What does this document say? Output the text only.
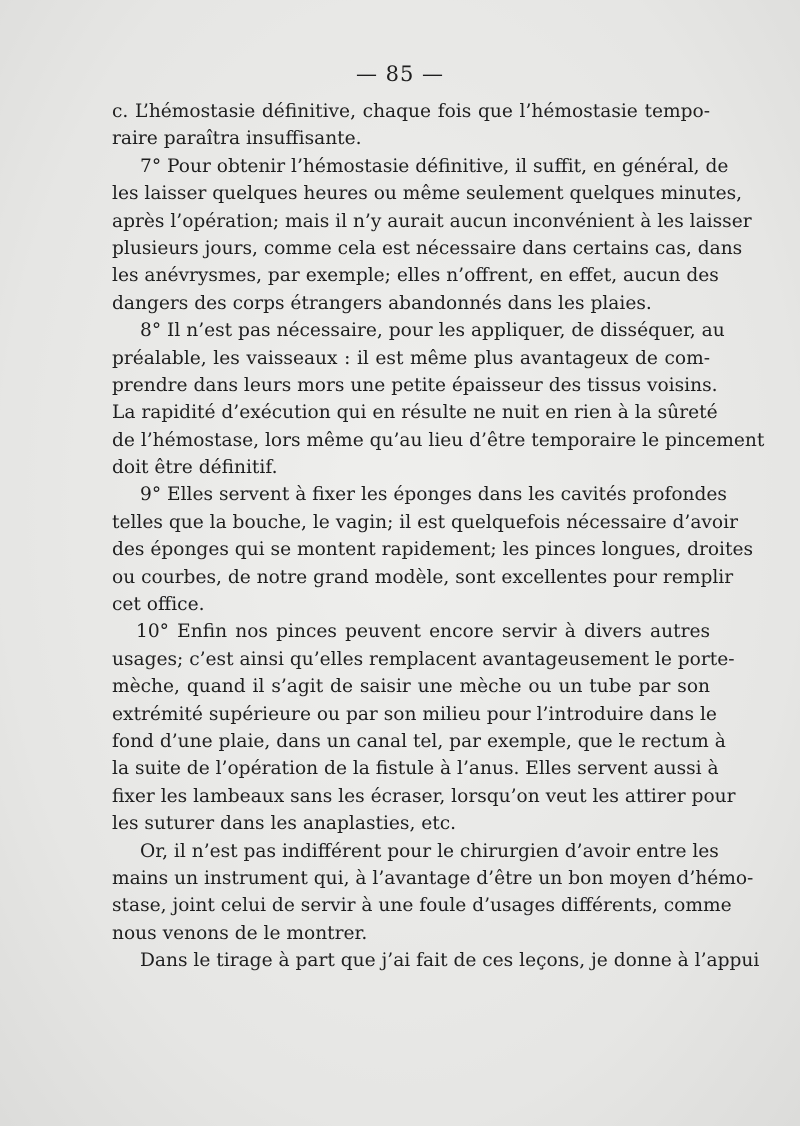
— 85 —
c. L’hémostasie définitive, chaque fois que l’hémostasie tempo-
raire paraîtra insuffisante.
7° Pour obtenir l’hémostasie définitive, il suffit, en général, de
les laisser quelques heures ou même seulement quelques minutes,
après l’opération; mais il n’y aurait aucun inconvénient à les laisser
plusieurs jours, comme cela est nécessaire dans certains cas, dans
les anévrysmes, par exemple; elles n’offrent, en effet, aucun des
dangers des corps étrangers abandonnés dans les plaies.
8° Il n’est pas nécessaire, pour les appliquer, de disséquer, au
préalable, les vaisseaux : il est même plus avantageux de com-
prendre dans leurs mors une petite épaisseur des tissus voisins.
La rapidité d’exécution qui en résulte ne nuit en rien à la sûreté
de l’hémostase, lors même qu’au lieu d’être temporaire le pincement
doit être définitif.
9° Elles servent à fixer les éponges dans les cavités profondes
telles que la bouche, le vagin; il est quelquefois nécessaire d’avoir
des éponges qui se montent rapidement; les pinces longues, droites
ou courbes, de notre grand modèle, sont excellentes pour remplir
cet office.
10° Enfin nos pinces peuvent encore servir à divers autres
usages; c’est ainsi qu’elles remplacent avantageusement le porte-
mèche, quand il s’agit de saisir une mèche ou un tube par son
extrémité supérieure ou par son milieu pour l’introduire dans le
fond d’une plaie, dans un canal tel, par exemple, que le rectum à
la suite de l’opération de la fistule à l’anus. Elles servent aussi à
fixer les lambeaux sans les écraser, lorsqu’on veut les attirer pour
les suturer dans les anaplasties, etc.
Or, il n’est pas indifférent pour le chirurgien d’avoir entre les
mains un instrument qui, à l’avantage d’être un bon moyen d’hémo-
stase, joint celui de servir à une foule d’usages différents, comme
nous venons de le montrer.
Dans le tirage à part que j’ai fait de ces leçons, je donne à l’appui
